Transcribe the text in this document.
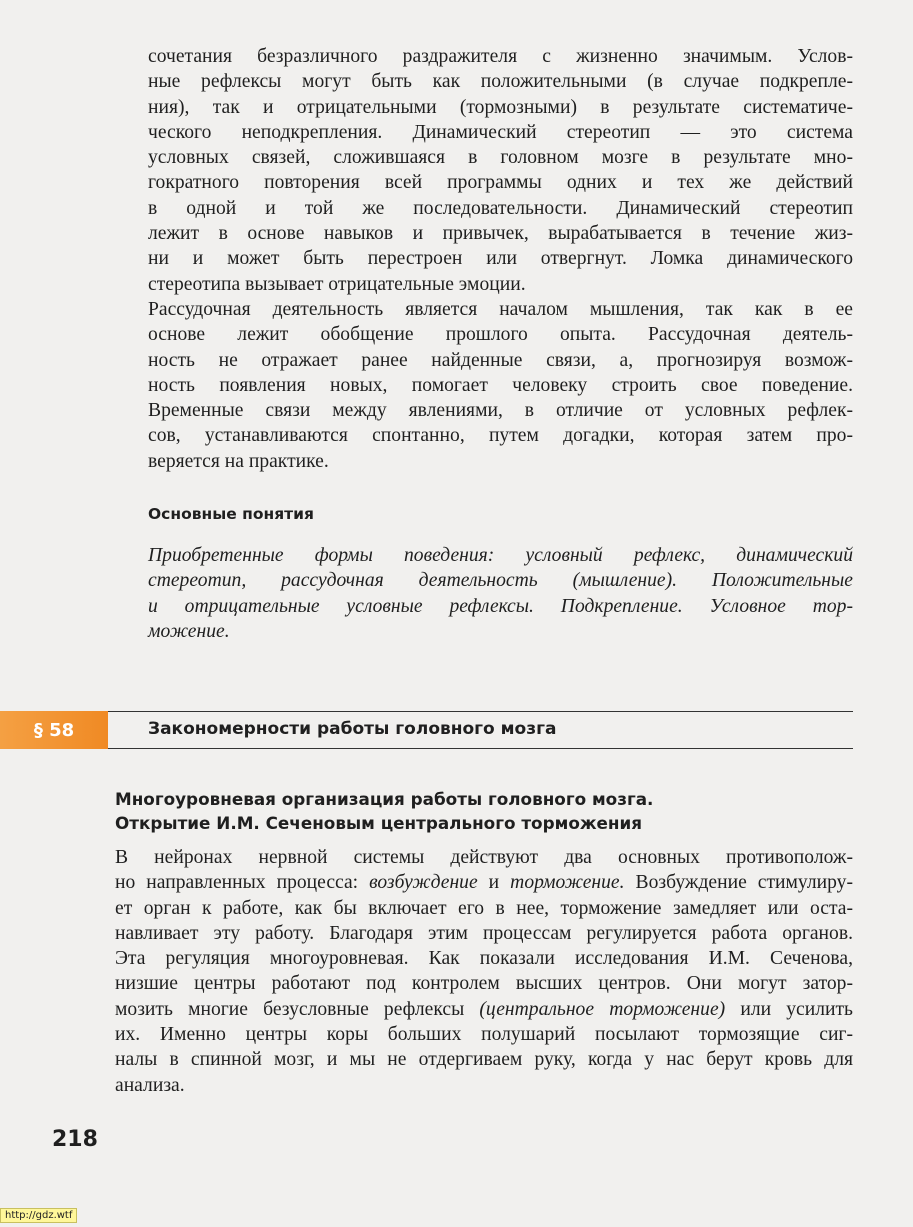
сочетания безразличного раздражителя с жизненно значимым. Услов-
ные рефлексы могут быть как положительными (в случае подкрепле-
ния), так и отрицательными (тормозными) в результате систематиче-
ческого неподкрепления. Динамический стереотип — это система
условных связей, сложившаяся в головном мозге в результате мно-
гократного повторения всей программы одних и тех же действий
в одной и той же последовательности. Динамический стереотип
лежит в основе навыков и привычек, вырабатывается в течение жиз-
ни и может быть перестроен или отвергнут. Ломка динамического
стереотипа вызывает отрицательные эмоции.

Рассудочная деятельность является началом мышления, так как в ее
основе лежит обобщение прошлого опыта. Рассудочная деятель-
ность не отражает ранее найденные связи, а, прогнозируя возмож-
ность появления новых, помогает человеку строить свое поведение.
Временные связи между явлениями, в отличие от условных рефлек-
сов, устанавливаются спонтанно, путем догадки, которая затем про-
веряется на практике.

Основные понятия
Приобретенные формы поведения: условный рефлекс, динамический
стереотип, рассудочная деятельность (мышление). Положительные
и отрицательные условные рефлексы. Подкрепление. Условное тор-
можение.
§ 58	Закономерности работы головного мозга
Многоуровневая организация работы головного мозга.
Открытие И.М. Сеченовым центрального торможения

В нейронах нервной системы действуют два основных противополож-
но направленных процесса: возбуждение и торможение. Возбуждение стимулиру-
ет орган к работе, как бы включает его в нее, торможение замедляет или оста-
навливает эту работу. Благодаря этим процессам регулируется работа органов.
Эта регуляция многоуровневая. Как показали исследования И.М. Сеченова,
низшие центры работают под контролем высших центров. Они могут затор-
мозить многие безусловные рефлексы (центральное торможение) или усилить
их. Именно центры коры больших полушарий посылают тормозящие сиг-
налы в спинной мозг, и мы не отдергиваем руку, когда у нас берут кровь для
анализа.

218
http://gdz.wtf
